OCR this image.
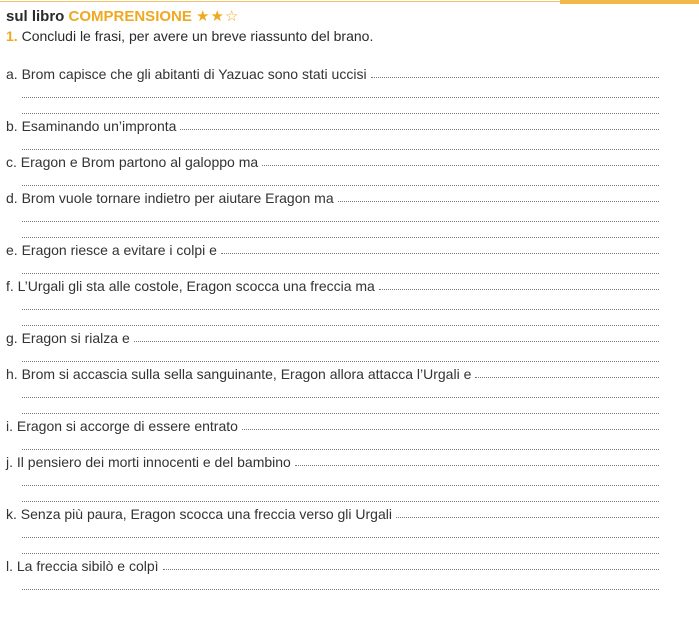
sul libro COMPRENSIONE ★★☆
1. Concludi le frasi, per avere un breve riassunto del brano.
a. Brom capisce che gli abitanti di Yazuac sono stati uccisi
b. Esaminando un’impronta
c. Eragon e Brom partono al galoppo ma
d. Brom vuole tornare indietro per aiutare Eragon ma
e. Eragon riesce a evitare i colpi e
f. L’Urgali gli sta alle costole, Eragon scocca una freccia ma
g. Eragon si rialza e
h. Brom si accascia sulla sella sanguinante, Eragon allora attacca l’Urgali e
i. Eragon si accorge di essere entrato
j. Il pensiero dei morti innocenti e del bambino
k. Senza più paura, Eragon scocca una freccia verso gli Urgali
l. La freccia sibilò e colpì
